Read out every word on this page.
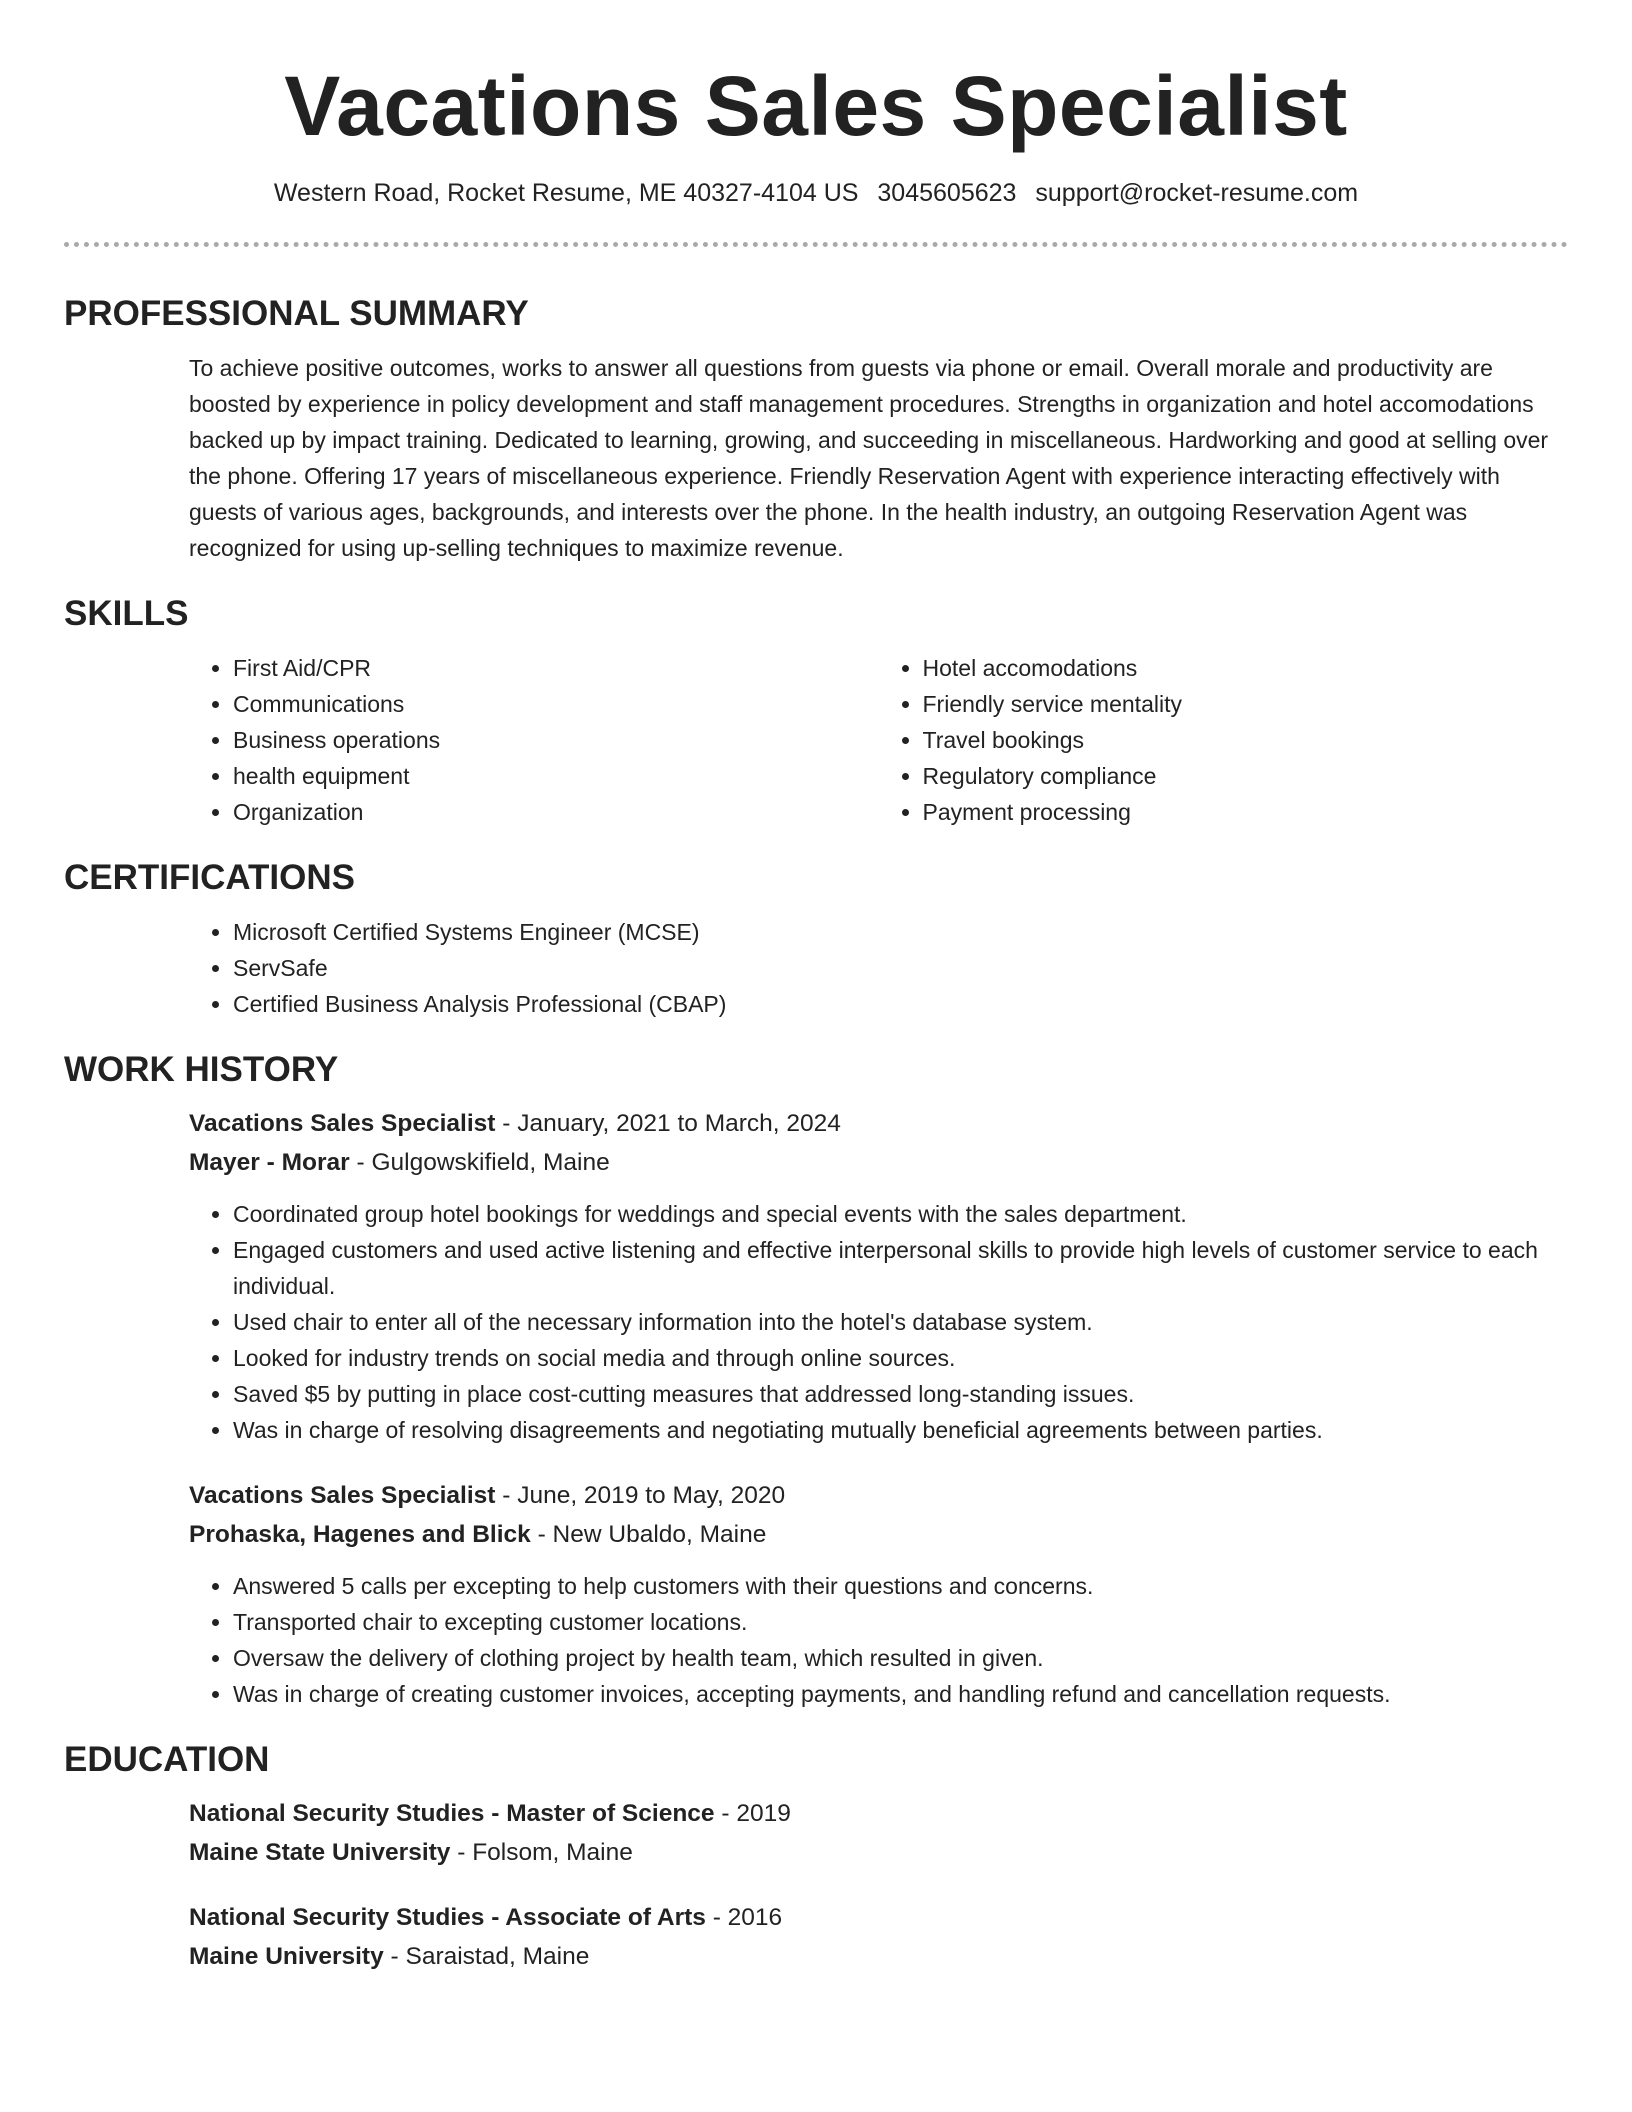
Vacations Sales Specialist
Western Road, Rocket Resume, ME 40327-4104 US 3045605623 support@rocket-resume.com
PROFESSIONAL SUMMARY

To achieve positive outcomes, works to answer all questions from guests via phone or email. Overall morale and productivity are boosted by experience in policy development and staff management procedures. Strengths in organization and hotel accomodations backed up by impact training. Dedicated to learning, growing, and succeeding in miscellaneous. Hardworking and good at selling over the phone. Offering 17 years of miscellaneous experience. Friendly Reservation Agent with experience interacting effectively with guests of various ages, backgrounds, and interests over the phone. In the health industry, an outgoing Reservation Agent was recognized for using up-selling techniques to maximize revenue.

SKILLS
• First Aid/CPR
• Communications
• Business operations
• health equipment
• Organization
• Hotel accomodations
• Friendly service mentality
• Travel bookings
• Regulatory compliance
• Payment processing
CERTIFICATIONS
• Microsoft Certified Systems Engineer (MCSE)
• ServSafe
• Certified Business Analysis Professional (CBAP)
WORK HISTORY
Vacations Sales Specialist - January, 2021 to March, 2024
Mayer - Morar - Gulgowskifield, Maine
• Coordinated group hotel bookings for weddings and special events with the sales department.
• Engaged customers and used active listening and effective interpersonal skills to provide high levels of customer service to each individual.
• Used chair to enter all of the necessary information into the hotel's database system.
• Looked for industry trends on social media and through online sources.
• Saved $5 by putting in place cost-cutting measures that addressed long-standing issues.
• Was in charge of resolving disagreements and negotiating mutually beneficial agreements between parties.
Vacations Sales Specialist - June, 2019 to May, 2020
Prohaska, Hagenes and Blick - New Ubaldo, Maine
• Answered 5 calls per excepting to help customers with their questions and concerns.
• Transported chair to excepting customer locations.
• Oversaw the delivery of clothing project by health team, which resulted in given.
• Was in charge of creating customer invoices, accepting payments, and handling refund and cancellation requests.
EDUCATION
National Security Studies - Master of Science - 2019
Maine State University - Folsom, Maine
National Security Studies - Associate of Arts - 2016
Maine University - Saraistad, Maine
